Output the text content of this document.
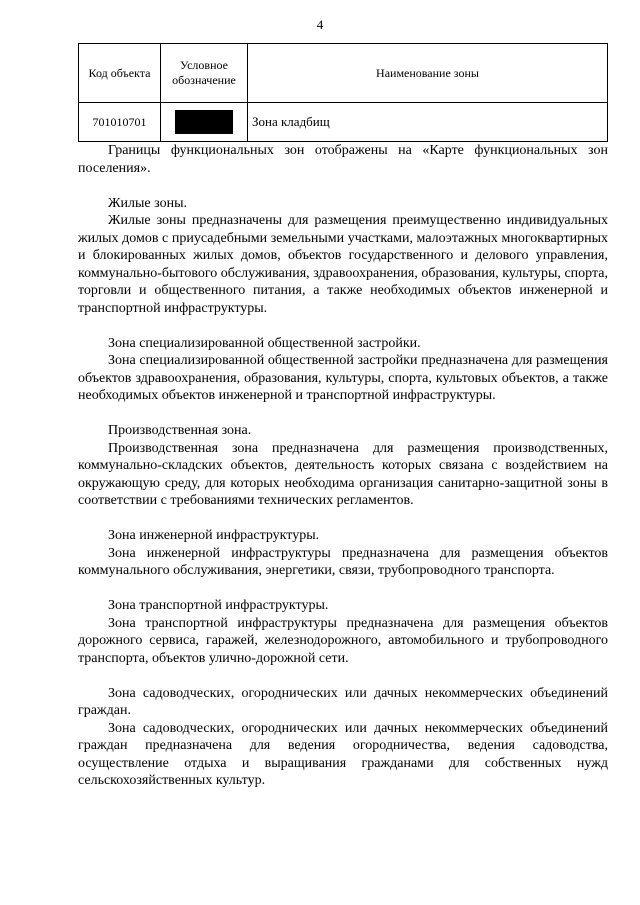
4
Код объекта	Условное обозначение	Наименование зоны
701010701		Зона кладбищ

Границы функциональных зон отображены на «Карте функциональных зон поселения».

Жилые зоны.

Жилые зоны предназначены для размещения преимущественно индивидуальных жилых домов с приусадебными земельными участками, малоэтажных многоквартирных и блокированных жилых домов, объектов государственного и делового управления, коммунально-бытового обслуживания, здравоохранения, образования, культуры, спорта, торговли и общественного питания, а также необходимых объектов инженерной и транспортной инфраструктуры.

Зона специализированной общественной застройки.

Зона специализированной общественной застройки предназначена для размещения объектов здравоохранения, образования, культуры, спорта, культовых объектов, а также необходимых объектов инженерной и транспортной инфраструктуры.

Производственная зона.

Производственная зона предназначена для размещения производственных, коммунально-складских объектов, деятельность которых связана с воздействием на окружающую среду, для которых необходима организация санитарно-защитной зоны в соответствии с требованиями технических регламентов.

Зона инженерной инфраструктуры.

Зона инженерной инфраструктуры предназначена для размещения объектов коммунального обслуживания, энергетики, связи, трубопроводного транспорта.

Зона транспортной инфраструктуры.

Зона транспортной инфраструктуры предназначена для размещения объектов дорожного сервиса, гаражей, железнодорожного, автомобильного и трубопроводного транспорта, объектов улично-дорожной сети.

Зона садоводческих, огороднических или дачных некоммерческих объединений граждан.

Зона садоводческих, огороднических или дачных некоммерческих объединений граждан предназначена для ведения огородничества, ведения садоводства, осуществление отдыха и выращивания гражданами для собственных нужд сельскохозяйственных культур.
